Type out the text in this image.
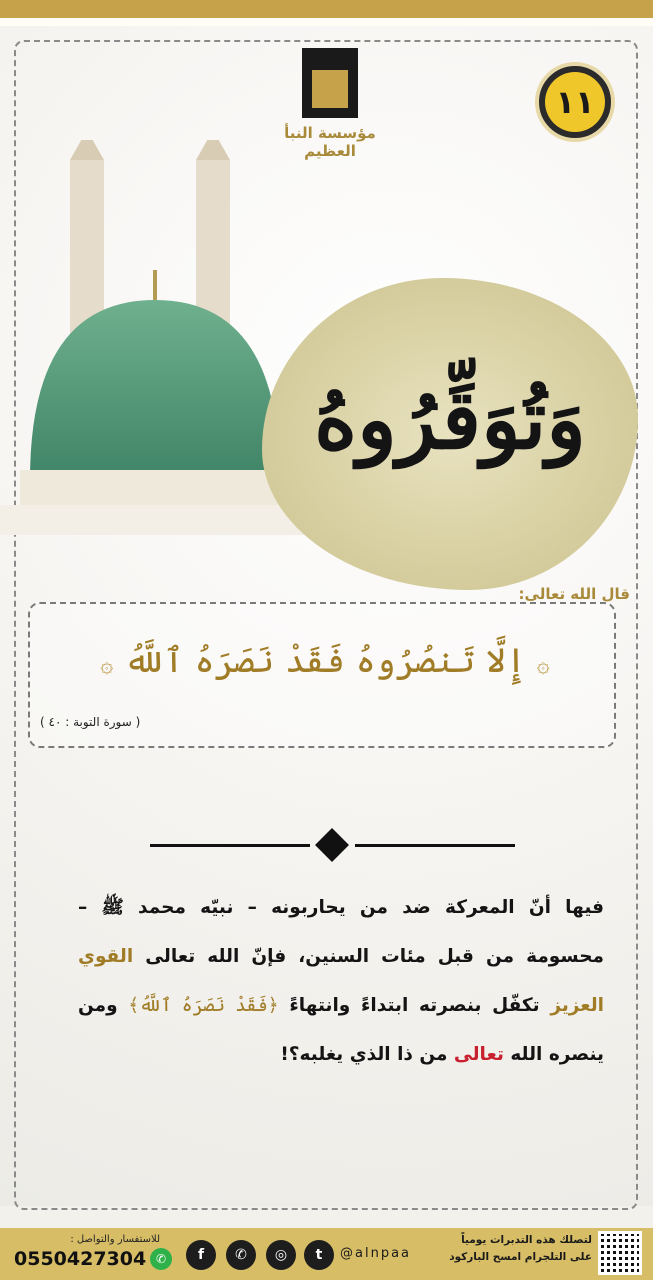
مؤسسة النبأ العظيم
١١
وَتُوَقِّرُوهُ
قال الله تعالى:
۞ إِلَّا تَنصُرُوهُ فَقَدْ نَصَرَهُ ٱللَّهُ ۞
( سورة التوبة : ٤٠ )
فيها أنّ المعركة ضد من يحاربونه – نبيّه محمد ﷺ – محسومة من قبل مئات السنين، فإنّ الله تعالى القوي العزيز تكفّل بنصرته ابتداءً وانتهاءً ﴿فَقَدْ نَصَرَهُ ٱللَّهُ﴾ ومن ينصره الله تعالى من ذا الذي يغلبه؟!
للاستفسار والتواصل :
0550427304 ✆	f	✆	◎	t	@alnpaa
لتصلك هذه التدبرات يومياً
على التلجرام امسح الباركود
